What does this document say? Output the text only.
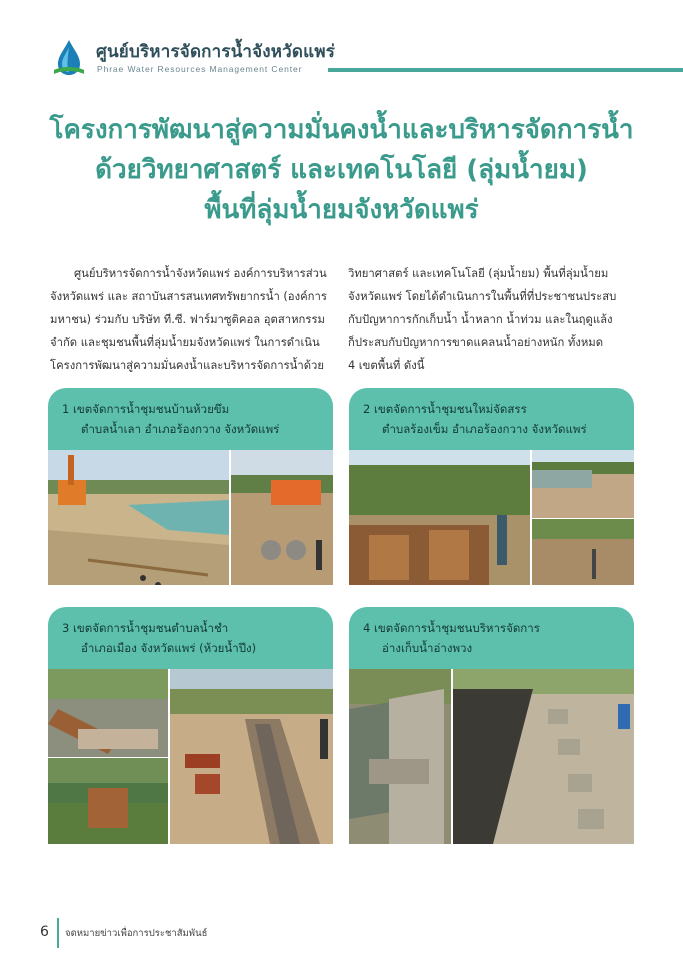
ศูนย์บริหารจัดการน้ำจังหวัดแพร่
Phrae Water Resources Management Center
โครงการพัฒนาสู่ความมั่นคงน้ำและบริหารจัดการน้ำ
ด้วยวิทยาศาสตร์ และเทคโนโลยี (ลุ่มน้ำยม)
พื้นที่ลุ่มน้ำยมจังหวัดแพร่
ศูนย์บริหารจัดการน้ำจังหวัดแพร่ องค์การบริหารส่วน
จังหวัดแพร่ และ สถาบันสารสนเทศทรัพยากรน้ำ (องค์การ
มหาชน) ร่วมกับ บริษัท ที.ซี. ฟาร์มาซูติคอล อุตสาหกรรม
จำกัด และชุมชนพื้นที่ลุ่มน้ำยมจังหวัดแพร่ ในการดำเนิน
โครงการพัฒนาสู่ความมั่นคงน้ำและบริหารจัดการน้ำด้วย
วิทยาศาสตร์ และเทคโนโลยี (ลุ่มน้ำยม) พื้นที่ลุ่มน้ำยม
จังหวัดแพร่ โดยได้ดำเนินการในพื้นที่ที่ประชาชนประสบ
กับปัญหาการกักเก็บน้ำ น้ำหลาก น้ำท่วม และในฤดูแล้ง
ก็ประสบกับปัญหาการขาดแคลนน้ำอย่างหนัก ทั้งหมด
4 เขตพื้นที่ ดังนี้
1 เขตจัดการน้ำชุมชนบ้านห้วยขึม
ตำบลน้ำเลา อำเภอร้องกวาง จังหวัดแพร่
2 เขตจัดการน้ำชุมชนใหม่จัดสรร
ตำบลร้องเข็ม อำเภอร้องกวาง จังหวัดแพร่
3 เขตจัดการน้ำชุมชนตำบลน้ำชำ
อำเภอเมือง จังหวัดแพร่ (ห้วยน้ำปึง)
4 เขตจัดการน้ำชุมชนบริหารจัดการ
อ่างเก็บน้ำอ่างพวง
6 จดหมายข่าวเพื่อการประชาสัมพันธ์
